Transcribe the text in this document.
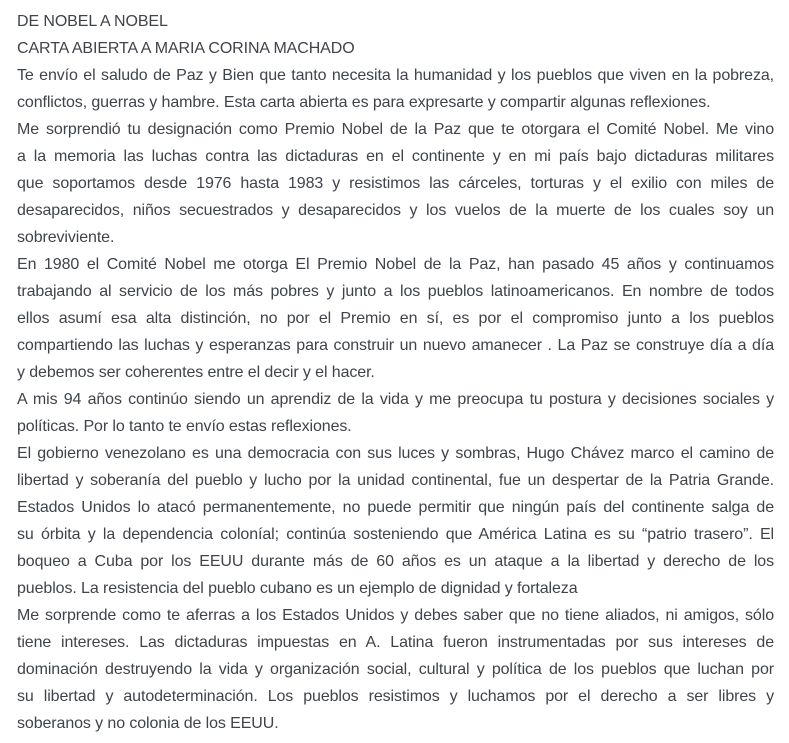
DE NOBEL A NOBEL
CARTA ABIERTA A MARIA CORINA MACHADO
Te envío el saludo de Paz y Bien que tanto necesita la humanidad y los pueblos que viven en la pobreza,
conflictos, guerras y hambre. Esta carta abierta es para expresarte y compartir algunas reflexiones.
Me sorprendió tu designación como Premio Nobel de la Paz que te otorgara el Comité Nobel. Me vino
a la memoria las luchas contra las dictaduras en el continente y en mi país bajo dictaduras militares
que soportamos desde 1976 hasta 1983 y resistimos las cárceles, torturas y el exilio con miles de
desaparecidos, niños secuestrados y desaparecidos y los vuelos de la muerte de los cuales soy un
sobreviviente.
En 1980 el Comité Nobel me otorga El Premio Nobel de la Paz, han pasado 45 años y continuamos
trabajando al servicio de los más pobres y junto a los pueblos latinoamericanos. En nombre de todos
ellos asumí esa alta distinción, no por el Premio en sí, es por el compromiso junto a los pueblos
compartiendo las luchas y esperanzas para construir un nuevo amanecer . La Paz se construye día a día
y debemos ser coherentes entre el decir y el hacer.
A mis 94 años continúo siendo un aprendiz de la vida y me preocupa tu postura y decisiones sociales y
políticas. Por lo tanto te envío estas reflexiones.
El gobierno venezolano es una democracia con sus luces y sombras, Hugo Chávez marco el camino de
libertad y soberanía del pueblo y lucho por la unidad continental, fue un despertar de la Patria Grande.
Estados Unidos lo atacó permanentemente, no puede permitir que ningún país del continente salga de
su órbita y la dependencia coloníal; continúa sosteniendo que América Latina es su “patrio trasero”. El
boqueo a Cuba por los EEUU durante más de 60 años es un ataque a la libertad y derecho de los
pueblos. La resistencia del pueblo cubano es un ejemplo de dignidad y fortaleza
Me sorprende como te aferras a los Estados Unidos y debes saber que no tiene aliados, ni amigos, sólo
tiene intereses. Las dictaduras impuestas en A. Latina fueron instrumentadas por sus intereses de
dominación destruyendo la vida y organización social, cultural y política de los pueblos que luchan por
su libertad y autodeterminación. Los pueblos resistimos y luchamos por el derecho a ser libres y
soberanos y no colonia de los EEUU.
